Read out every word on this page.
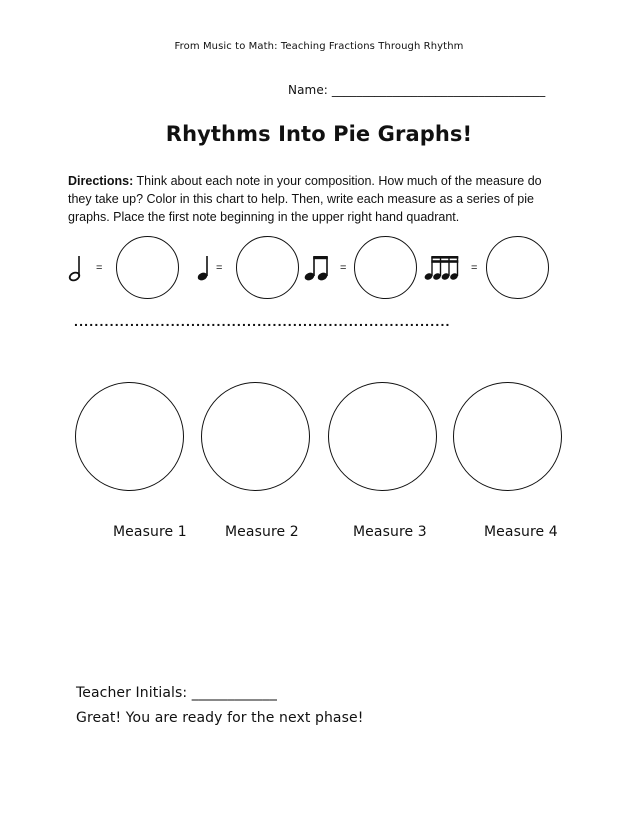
From Music to Math: Teaching Fractions Through Rhythm
Name: ___________________________________
Rhythms Into Pie Graphs!
Directions: Think about each note in your composition. How much of the measure do they take up? Color in this chart to help. Then, write each measure as a series of pie graphs. Place the first note beginning in the upper right hand quadrant.
=	=	=	=
..........................................................................
Measure 1	Measure 2	Measure 3	Measure 4
Teacher Initials: ____________
Great! You are ready for the next phase!
